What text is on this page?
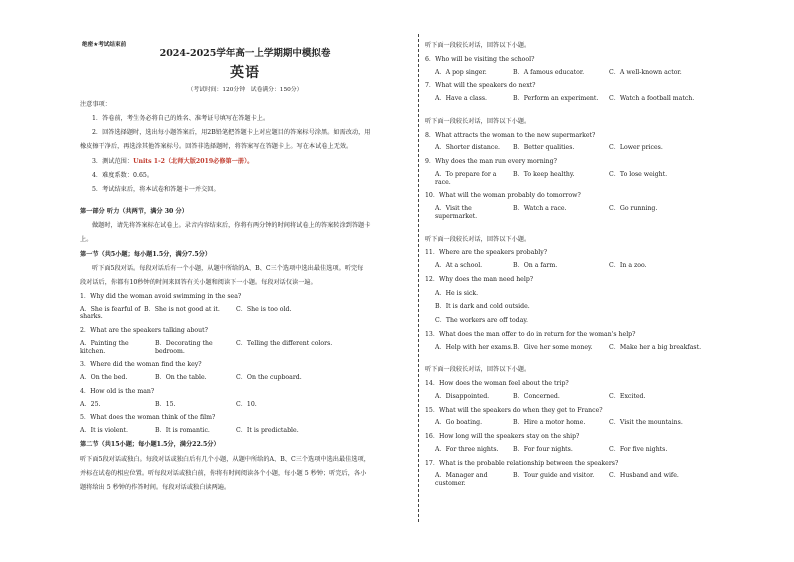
绝密★考试结束前
2024-2025学年高一上学期期中模拟卷
英语
（考试时间：120分钟　试卷满分：150分）
注意事项：
1．答卷前，考生务必将自己的姓名、准考证号填写在答题卡上。
2．回答选择题时，选出每小题答案后，用2B铅笔把答题卡上对应题目的答案标号涂黑。如需改动，用
橡皮擦干净后，再选涂其他答案标号。回答非选择题时，将答案写在答题卡上。写在本试卷上无效。
3．测试范围：Units 1-2（北师大版2019必修第一册）。
4．难度系数：0.65。
5．考试结束后，将本试卷和答题卡一并交回。
第一部分 听力（共两节，满分 30 分）
做题时，请先将答案标在试卷上。录音内容结束后，你将有两分钟的时间将试卷上的答案转涂到答题卡
上。
第一节（共5小题；每小题1.5分，满分7.5分）
听下面5段对话。每段对话后有一个小题，从题中所给的A、B、C三个选项中选出最佳选项。听完每
段对话后，你都有10秒钟的时间来回答有关小题和阅读下一小题。每段对话仅读一遍。
1．Why did the woman avoid swimming in the sea?
A．She is fearful of sharks.
B．She is not good at it.	C．She is too old.
2．What are the speakers talking about?
A．Painting the kitchen.
B．Decorating the bedroom.
C．Telling the different colors.
3．Where did the woman find the key?
A．On the bed.	B．On the table.	C．On the cupboard.
4．How old is the man?
A．25.	B．15.	C．10.
5．What does the woman think of the film?
A．It is violent.	B．It is romantic.	C．It is predictable.
第二节（共15小题；每小题1.5分，满分22.5分）
听下面5段对话或独白。每段对话或独白后有几个小题，从题中所给的A、B、C三个选项中选出最佳选项，
并标在试卷的相应位置。听每段对话或独白前，你将有时间阅读各个小题，每小题 5 秒钟；听完后，各小
题将给出 5 秒钟的作答时间。每段对话或独白读两遍。
听下面一段较长对话，回答以下小题。
6．Who will be visiting the school?
A．A pop singer.	B．A famous educator.	C．A well-known actor.
7．What will the speakers do next?
A．Have a class.	B．Perform an experiment.	C．Watch a football match.
听下面一段较长对话，回答以下小题。
8．What attracts the woman to the new supermarket?
A．Shorter distance.	B．Better qualities.	C．Lower prices.
9．Why does the man run every morning?
A．To prepare for a race.
B．To keep healthy.	C．To lose weight.
10．What will the woman probably do tomorrow?
A．Visit the supermarket.
B．Watch a race.	C．Go running.
听下面一段较长对话，回答以下小题。
11．Where are the speakers probably?
A．At a school.	B．On a farm.	C．In a zoo.
12．Why does the man need help?
A．He is sick.
B．It is dark and cold outside.
C．The workers are off today.
13．What does the man offer to do in return for the woman's help?
A．Help with her exams. B．Give her some money.	C．Make her a big breakfast.
听下面一段较长对话，回答以下小题。
14．How does the woman feel about the trip?
A．Disappointed.	B．Concerned.	C．Excited.
15．What will the speakers do when they get to France?
A．Go boating.	B．Hire a motor home.	C．Visit the mountains.
16．How long will the speakers stay on the ship?
A．For three nights.	B．For four nights.	C．For five nights.
17．What is the probable relationship between the speakers?
A．Manager and customer.
B．Tour guide and visitor.	C．Husband and wife.
